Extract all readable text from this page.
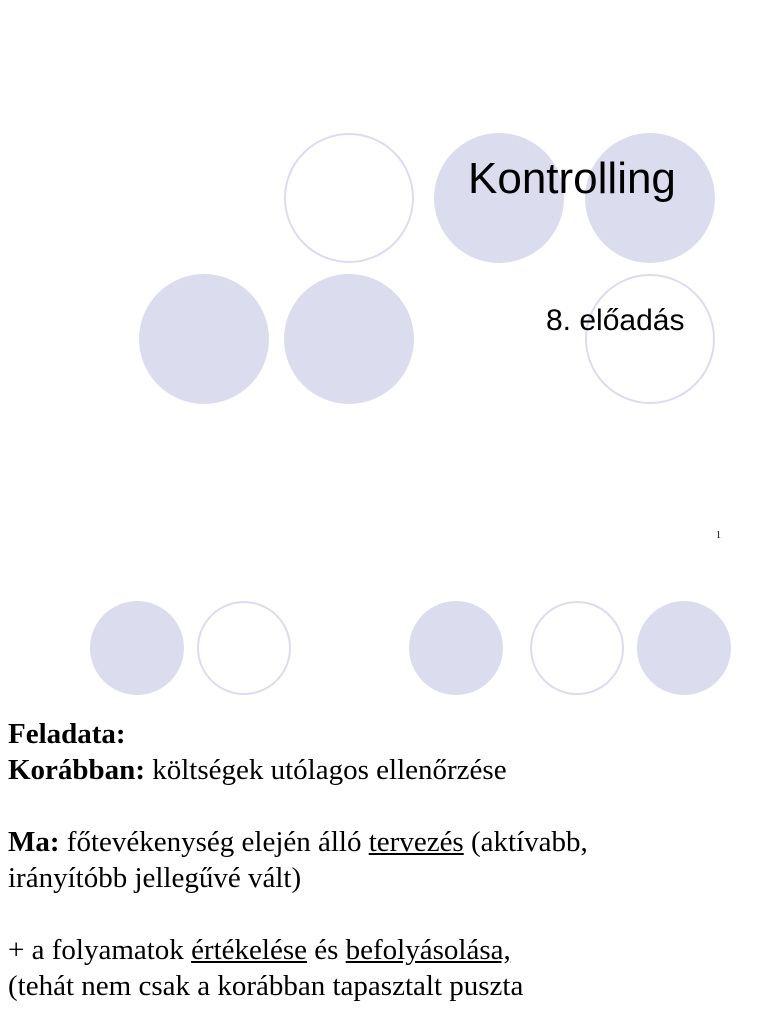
Kontrolling
8. előadás
1
Feladata:
Korábban: költségek utólagos ellenőrzése
Ma: főtevékenység elején álló tervezés (aktívabb,
irányítóbb jellegűvé vált)
+ a folyamatok értékelése és befolyásolása,
(tehát nem csak a korábban tapasztalt puszta
